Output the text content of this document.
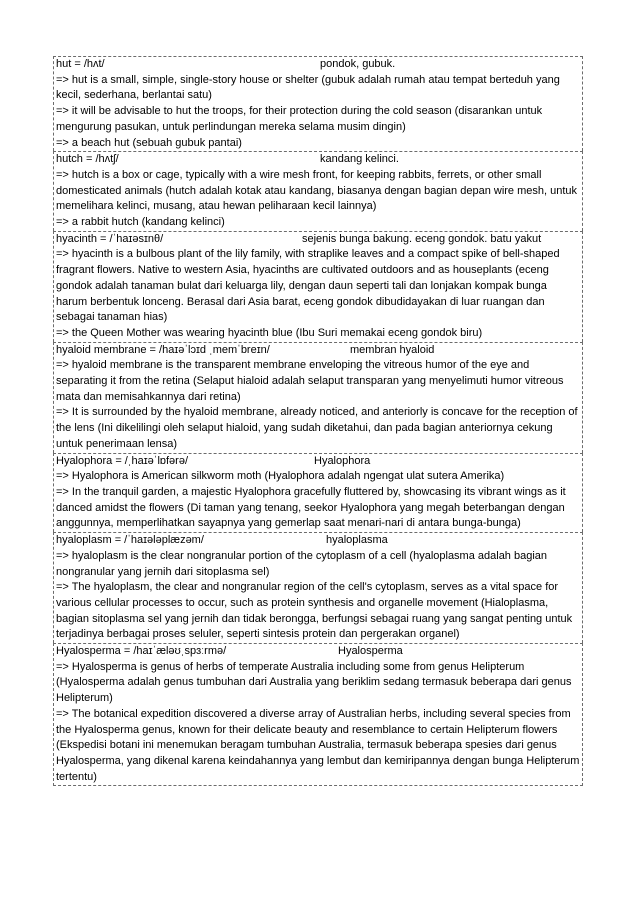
hut = /hʌt/	pondok, gubuk.
=> hut is a small, simple, single-story house or shelter (gubuk adalah rumah atau tempat berteduh yang kecil, sederhana, berlantai satu)
=> it will be advisable to hut the troops, for their protection during the cold season (disarankan untuk mengurung pasukan, untuk perlindungan mereka selama musim dingin)
=> a beach hut (sebuah gubuk pantai)
hutch = /hʌtʃ/	kandang kelinci.
=> hutch is a box or cage, typically with a wire mesh front, for keeping rabbits, ferrets, or other small domesticated animals (hutch adalah kotak atau kandang, biasanya dengan bagian depan wire mesh, untuk memelihara kelinci, musang, atau hewan peliharaan kecil lainnya)
=> a rabbit hutch (kandang kelinci)
hyacinth = /ˈhaɪəsɪnθ/	sejenis bunga bakung. eceng gondok. batu yakut
=> hyacinth is a bulbous plant of the lily family, with straplike leaves and a compact spike of bell-shaped fragrant flowers. Native to western Asia, hyacinths are cultivated outdoors and as houseplants (eceng gondok adalah tanaman bulat dari keluarga lily, dengan daun seperti tali dan lonjakan kompak bunga harum berbentuk lonceng. Berasal dari Asia barat, eceng gondok dibudidayakan di luar ruangan dan sebagai tanaman hias)
=> the Queen Mother was wearing hyacinth blue (Ibu Suri memakai eceng gondok biru)
hyaloid membrane = /haɪəˈlɔɪd ˌmemˈbreɪn/	membran hyaloid
=> hyaloid membrane is the transparent membrane enveloping the vitreous humor of the eye and separating it from the retina (Selaput hialoid adalah selaput transparan yang menyelimuti humor vitreous mata dan memisahkannya dari retina)
=> It is surrounded by the hyaloid membrane, already noticed, and anteriorly is concave for the reception of the lens (Ini dikelilingi oleh selaput hialoid, yang sudah diketahui, dan pada bagian anteriornya cekung untuk penerimaan lensa)
Hyalophora = /ˌhaɪəˈlɒfərə/	Hyalophora
=> Hyalophora is American silkworm moth (Hyalophora adalah ngengat ulat sutera Amerika)
=> In the tranquil garden, a majestic Hyalophora gracefully fluttered by, showcasing its vibrant wings as it danced amidst the flowers (Di taman yang tenang, seekor Hyalophora yang megah beterbangan dengan anggunnya, memperlihatkan sayapnya yang gemerlap saat menari-nari di antara bunga-bunga)
hyaloplasm = /ˈhaɪələplæzəm/	hyaloplasma
=> hyaloplasm is the clear nongranular portion of the cytoplasm of a cell (hyaloplasma adalah bagian nongranular yang jernih dari sitoplasma sel)
=> The hyaloplasm, the clear and nongranular region of the cell's cytoplasm, serves as a vital space for various cellular processes to occur, such as protein synthesis and organelle movement (Hialoplasma, bagian sitoplasma sel yang jernih dan tidak berongga, berfungsi sebagai ruang yang sangat penting untuk terjadinya berbagai proses seluler, seperti sintesis protein dan pergerakan organel)
Hyalosperma = /haɪˈæləʊˌspɜːrmə/	Hyalosperma
=> Hyalosperma is genus of herbs of temperate Australia including some from genus Helipterum (Hyalosperma adalah genus tumbuhan dari Australia yang beriklim sedang termasuk beberapa dari genus Helipterum)
=> The botanical expedition discovered a diverse array of Australian herbs, including several species from the Hyalosperma genus, known for their delicate beauty and resemblance to certain Helipterum flowers (Ekspedisi botani ini menemukan beragam tumbuhan Australia, termasuk beberapa spesies dari genus Hyalosperma, yang dikenal karena keindahannya yang lembut dan kemiripannya dengan bunga Helipterum tertentu)
